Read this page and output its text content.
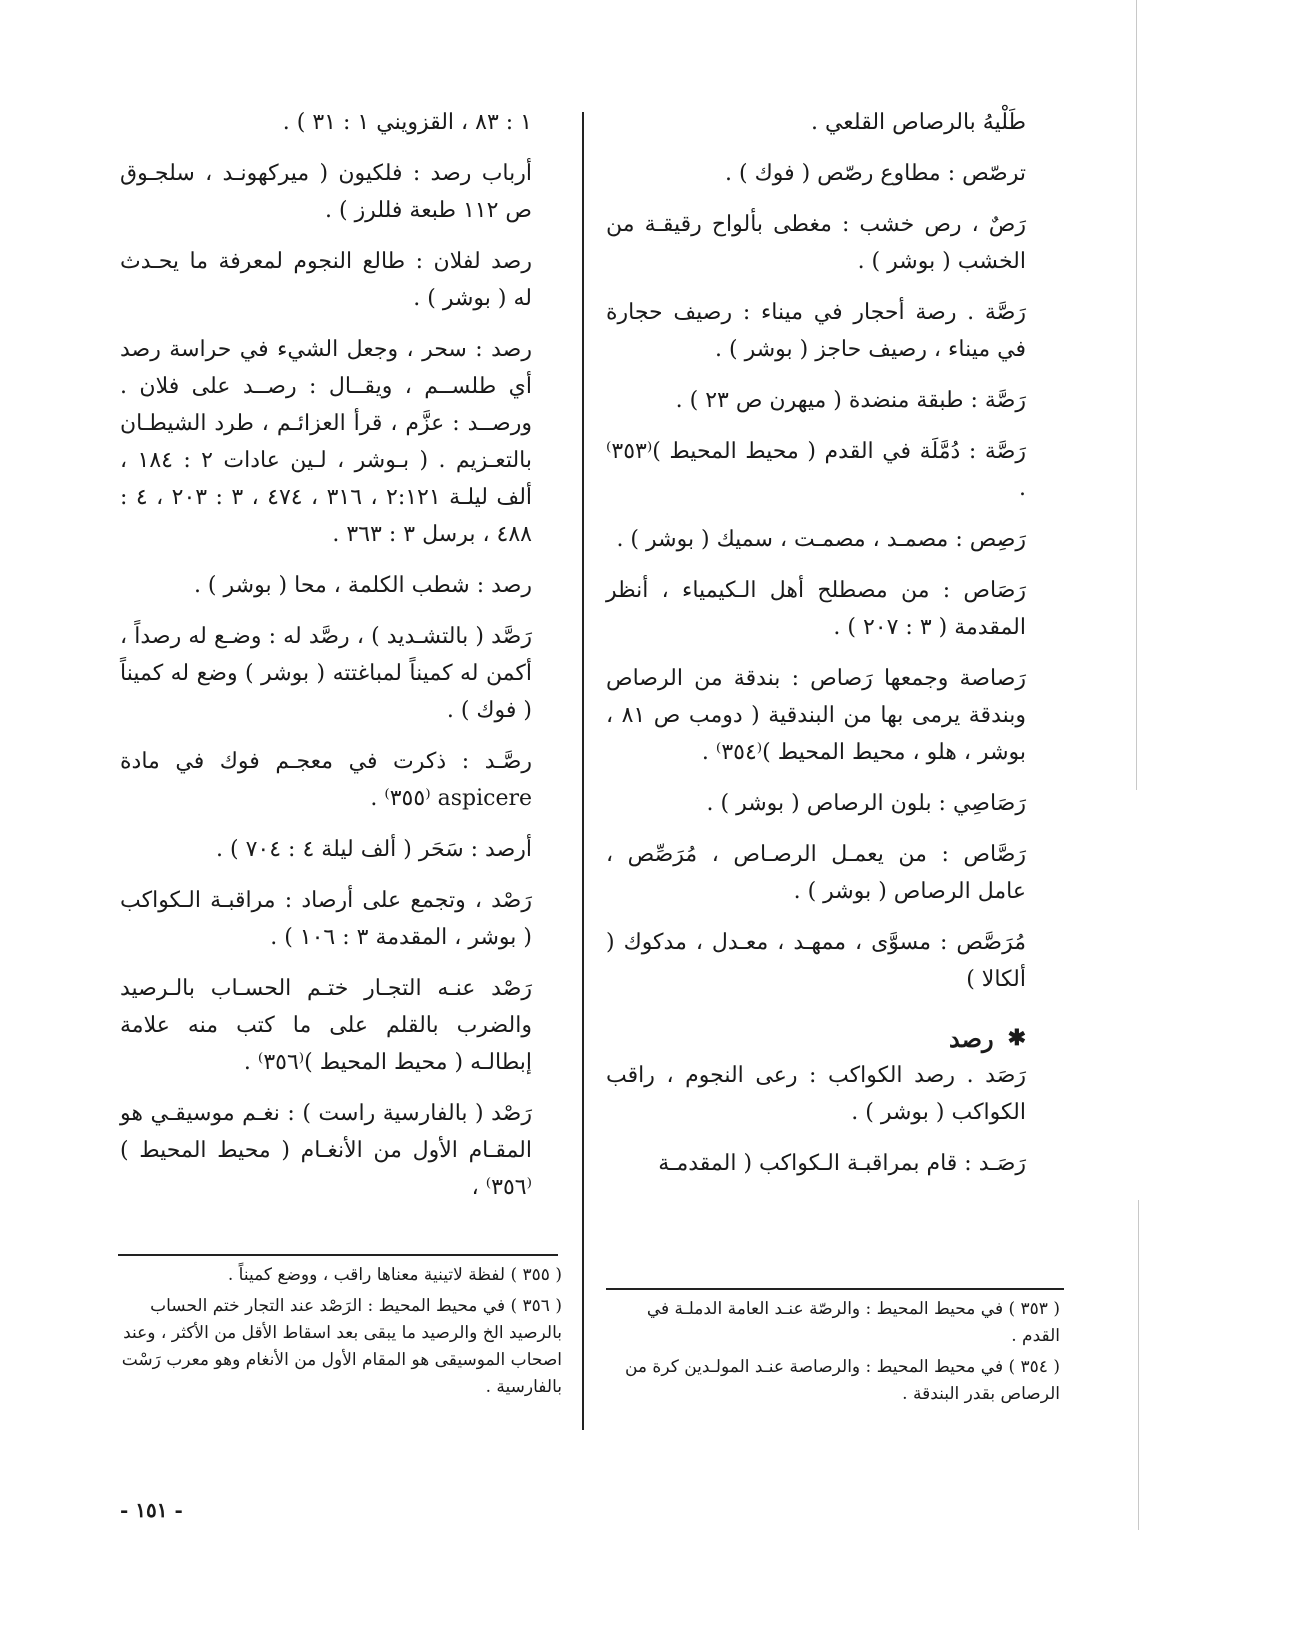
طَلْيهُ بالرصاص القلعي .

ترصّص : مطاوع رصّص ( فوك ) .

رَصٌ ، رص خشب : مغطى بألواح رقيقـة من الخشب ( بوشر ) .

رَصَّة . رصة أحجار في ميناء : رصيف حجارة في ميناء ، رصيف حاجز ( بوشر ) .

رَصَّة : طبقة منضدة ( ميهرن ص ٢٣ ) .

رَصَّة : دُمَّلَة في القدم ( محيط المحيط )⁽٣٥٣⁾ .

رَصِص : مصمـد ، مصمـت ، سميك ( بوشر ) .

رَصَاص : من مصطلح أهل الـكيمياء ، أنظر المقدمة ( ٣ : ٢٠٧ ) .

رَصاصة وجمعها رَصاص : بندقة من الرصاص وبندقة يرمى بها من البندقية ( دومب ص ٨١ ، بوشر ، هلو ، محيط المحيط )⁽٣٥٤⁾ .

رَصَاصِي : بلون الرصاص ( بوشر ) .

رَصَّاص : من يعمـل الرصـاص ، مُرَصِّص ، عامل الرصاص ( بوشر ) .

مُرَصَّص : مسوَّى ، ممهـد ، معـدل ، مدكوك ( ألكالا )

✱
رصد

رَصَد . رصد الكواكب : رعى النجوم ، راقب الكواكب ( بوشر ) .

رَصَـد : قام بمراقبـة الـكواكب ( المقدمـة

١ : ٨٣ ، القزويني ١ : ٣١ ) .

أرباب رصد : فلكيون ( ميركهونـد ، سلجـوق ص ١١٢ طبعة فللرز ) .

رصد لفلان : طالع النجوم لمعرفة ما يحـدث له ( بوشر ) .

رصد : سحر ، وجعل الشيء في حراسة رصد أي طلســم ، ويقــال : رصــد على فلان . ورصــد : عزَّم ، قرأ العزائـم ، طرد الشيطـان بالتعـزيم . ( بـوشر ، لـين عادات ٢ : ١٨٤ ، ألف ليلـة ٢:١٢١ ، ٣١٦ ، ٤٧٤ ، ٣ : ٢٠٣ ، ٤ : ٤٨٨ ، برسل ٣ : ٣٦٣ .

رصد : شطب الكلمة ، محا ( بوشر ) .

رَصَّد ( بالتشـديد ) ، رصَّد له : وضـع له رصداً ، أكمن له كميناً لمباغتته ( بوشر ) وضع له كميناً ( فوك ) .

رصَّـد : ذكرت في معجـم فوك في مادة aspicere ⁽٣٥٥⁾ .

أرصد : سَحَر ( ألف ليلة ٤ : ٧٠٤ ) .

رَصْد ، وتجمع على أرصاد : مراقبـة الـكواكب ( بوشر ، المقدمة ٣ : ١٠٦ ) .

رَصْد عنـه التجـار ختـم الحسـاب بالـرصيد والضرب بالقلم على ما كتب منه علامة إبطالـه ( محيط المحيط )⁽٣٥٦⁾ .

رَصْد ( بالفارسية راست ) : نغـم موسيقـي هو المقـام الأول من الأنغـام ( محيط المحيط )⁽٣٥٦⁾ ،

( ٣٥٣ ) في محيط المحيط : والرصّة عنـد العامة الدملـة في القدم .
( ٣٥٤ ) في محيط المحيط : والرصاصة عنـد المولـدين كرة من الرصاص بقدر البندقة .
( ٣٥٥ ) لفظة لاتينية معناها راقب ، ووضع كميناً .
( ٣٥٦ ) في محيط المحيط : الرَصْد عند التجار ختم الحساب بالرصيد الخ والرصيد ما يبقى بعد اسقاط الأقل من الأكثر ، وعند اصحاب الموسيقى هو المقام الأول من الأنغام وهو معرب رَسْت بالفارسية .
- ١٥١ -
